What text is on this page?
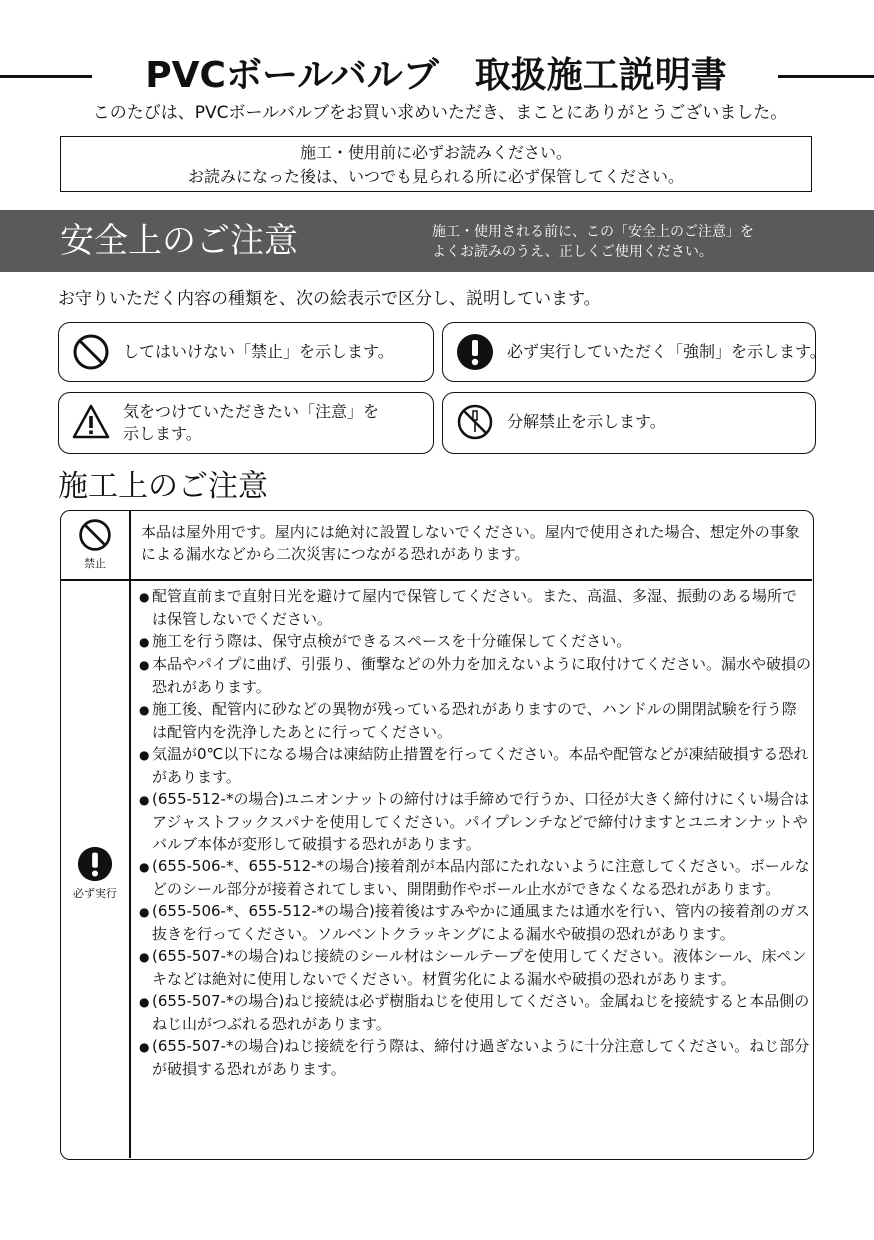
PVCボールバルブ　取扱施工説明書
このたびは、PVCボールバルブをお買い求めいただき、まことにありがとうございました。
施工・使用前に必ずお読みください。
お読みになった後は、いつでも見られる所に必ず保管してください。
安全上のご注意	施工・使用される前に、この「安全上のご注意」を
よくお読みのうえ、正しくご使用ください。
お守りいただく内容の種類を、次の絵表示で区分し、説明しています。
してはいけない「禁止」を示します。	必ず実行していただく「強制」を示します。
気をつけていただきたい「注意」を
示します。
分解禁止を示します。
施工上のご注意
禁止
本品は屋外用です。屋内には絶対に設置しないでください。屋内で使用された場合、想定外の事象による漏水などから二次災害につながる恐れがあります。
必ず実行
● 配管直前まで直射日光を避けて屋内で保管してください。また、高温、多湿、振動のある場所では保管しないでください。
● 施工を行う際は、保守点検ができるスペースを十分確保してください。
● 本品やパイプに曲げ、引張り、衝撃などの外力を加えないように取付けてください。漏水や破損の恐れがあります。
● 施工後、配管内に砂などの異物が残っている恐れがありますので、ハンドルの開閉試験を行う際は配管内を洗浄したあとに行ってください。
● 気温が0℃以下になる場合は凍結防止措置を行ってください。本品や配管などが凍結破損する恐れがあります。
● (655-512-*の場合)ユニオンナットの締付けは手締めで行うか、口径が大きく締付けにくい場合はアジャストフックスパナを使用してください。パイプレンチなどで締付けますとユニオンナットやバルブ本体が変形して破損する恐れがあります。
● (655-506-*、655-512-*の場合)接着剤が本品内部にたれないように注意してください。ボールなどのシール部分が接着されてしまい、開閉動作やボール止水ができなくなる恐れがあります。
● (655-506-*、655-512-*の場合)接着後はすみやかに通風または通水を行い、管内の接着剤のガス抜きを行ってください。ソルベントクラッキングによる漏水や破損の恐れがあります。
● (655-507-*の場合)ねじ接続のシール材はシールテープを使用してください。液体シール、床ペンキなどは絶対に使用しないでください。材質劣化による漏水や破損の恐れがあります。
● (655-507-*の場合)ねじ接続は必ず樹脂ねじを使用してください。金属ねじを接続すると本品側のねじ山がつぶれる恐れがあります。
● (655-507-*の場合)ねじ接続を行う際は、締付け過ぎないように十分注意してください。ねじ部分が破損する恐れがあります。
